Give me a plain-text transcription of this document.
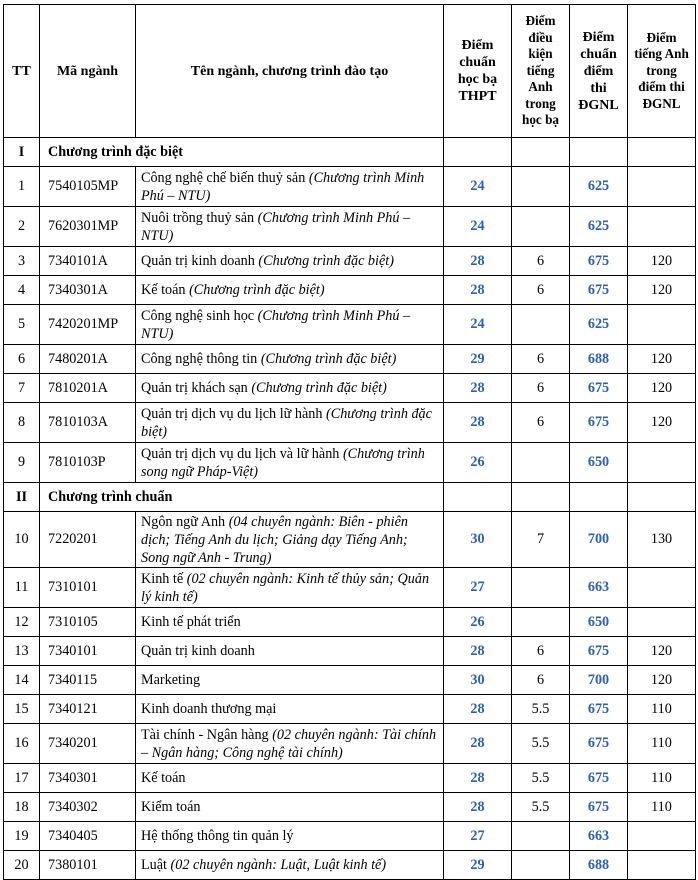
TT	Mã ngành	Tên ngành, chương trình đào tạo	Điểm chuẩn học bạ THPT	Điểm điều kiện tiếng Anh trong học bạ	Điểm chuẩn điểm thi ĐGNL	Điểm tiếng Anh trong điểm thi ĐGNL
I	Chương trình đặc biệt					
1	7540105MP	Công nghệ chế biến thuỷ sản (Chương trình Minh Phú – NTU)	24		625	
2	7620301MP	Nuôi trồng thuỷ sản (Chương trình Minh Phú – NTU)	24		625	
3	7340101A	Quản trị kinh doanh (Chương trình đặc biệt)	28	6	675	120
4	7340301A	Kế toán (Chương trình đặc biệt)	28	6	675	120
5	7420201MP	Công nghệ sinh học (Chương trình Minh Phú – NTU)	24		625	
6	7480201A	Công nghệ thông tin (Chương trình đặc biệt)	29	6	688	120
7	7810201A	Quản trị khách sạn (Chương trình đặc biệt)	28	6	675	120
8	7810103A	Quản trị dịch vụ du lịch lữ hành (Chương trình đặc biệt)	28	6	675	120
9	7810103P	Quản trị dịch vụ du lịch và lữ hành (Chương trình song ngữ Pháp-Việt)	26		650	
II	Chương trình chuẩn					
10	7220201	Ngôn ngữ Anh (04 chuyên ngành: Biên - phiên dịch; Tiếng Anh du lịch; Giảng dạy Tiếng Anh; Song ngữ Anh - Trung)	30	7	700	130
11	7310101	Kinh tế (02 chuyên ngành: Kinh tế thủy sản; Quản lý kinh tế)	27		663	
12	7310105	Kinh tế phát triển	26		650	
13	7340101	Quản trị kinh doanh	28	6	675	120
14	7340115	Marketing	30	6	700	120
15	7340121	Kinh doanh thương mại	28	5.5	675	110
16	7340201	Tài chính - Ngân hàng (02 chuyên ngành: Tài chính – Ngân hàng; Công nghệ tài chính)	28	5.5	675	110
17	7340301	Kế toán	28	5.5	675	110
18	7340302	Kiểm toán	28	5.5	675	110
19	7340405	Hệ thống thông tin quản lý	27		663	
20	7380101	Luật (02 chuyên ngành: Luật, Luật kinh tế)	29		688	
